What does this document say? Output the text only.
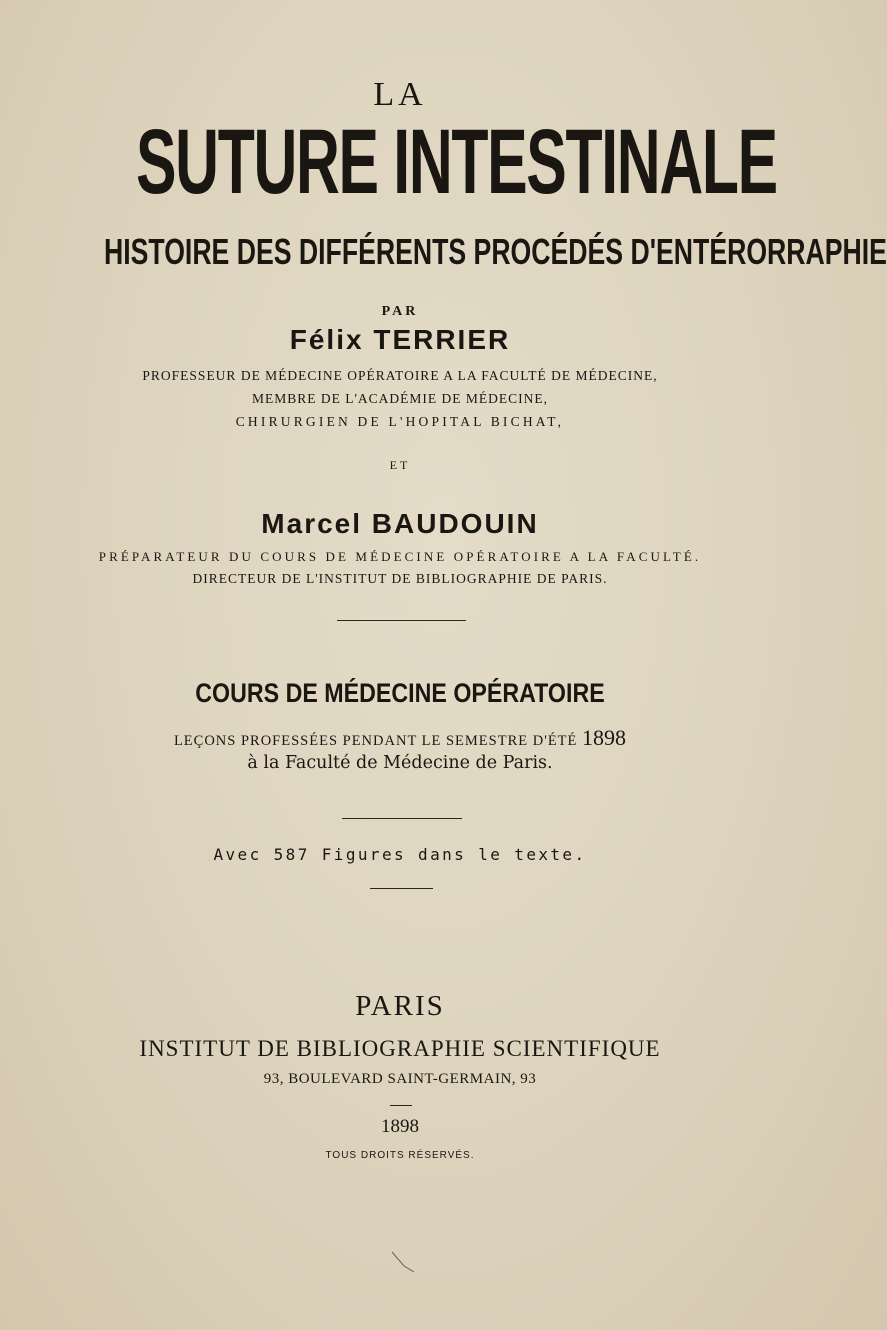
LA

SUTURE INTESTINALE

HISTOIRE DES DIFFÉRENTS PROCÉDÉS D'ENTÉRORRAPHIE

PAR

Félix TERRIER

PROFESSEUR DE MÉDECINE OPÉRATOIRE A LA FACULTÉ DE MÉDECINE,

MEMBRE DE L'ACADÉMIE DE MÉDECINE,

CHIRURGIEN DE L'HOPITAL BICHAT,

ET

Marcel BAUDOUIN

PRÉPARATEUR DU COURS DE MÉDECINE OPÉRATOIRE A LA FACULTÉ.

DIRECTEUR DE L'INSTITUT DE BIBLIOGRAPHIE DE PARIS.

COURS DE MÉDECINE OPÉRATOIRE

LEÇONS PROFESSÉES PENDANT LE SEMESTRE D'ÉTÉ 1898

à la Faculté de Médecine de Paris.

Avec 587 Figures dans le texte.

PARIS

INSTITUT DE BIBLIOGRAPHIE SCIENTIFIQUE

93, BOULEVARD SAINT-GERMAIN, 93

1898

TOUS DROITS RÉSERVÉS.
